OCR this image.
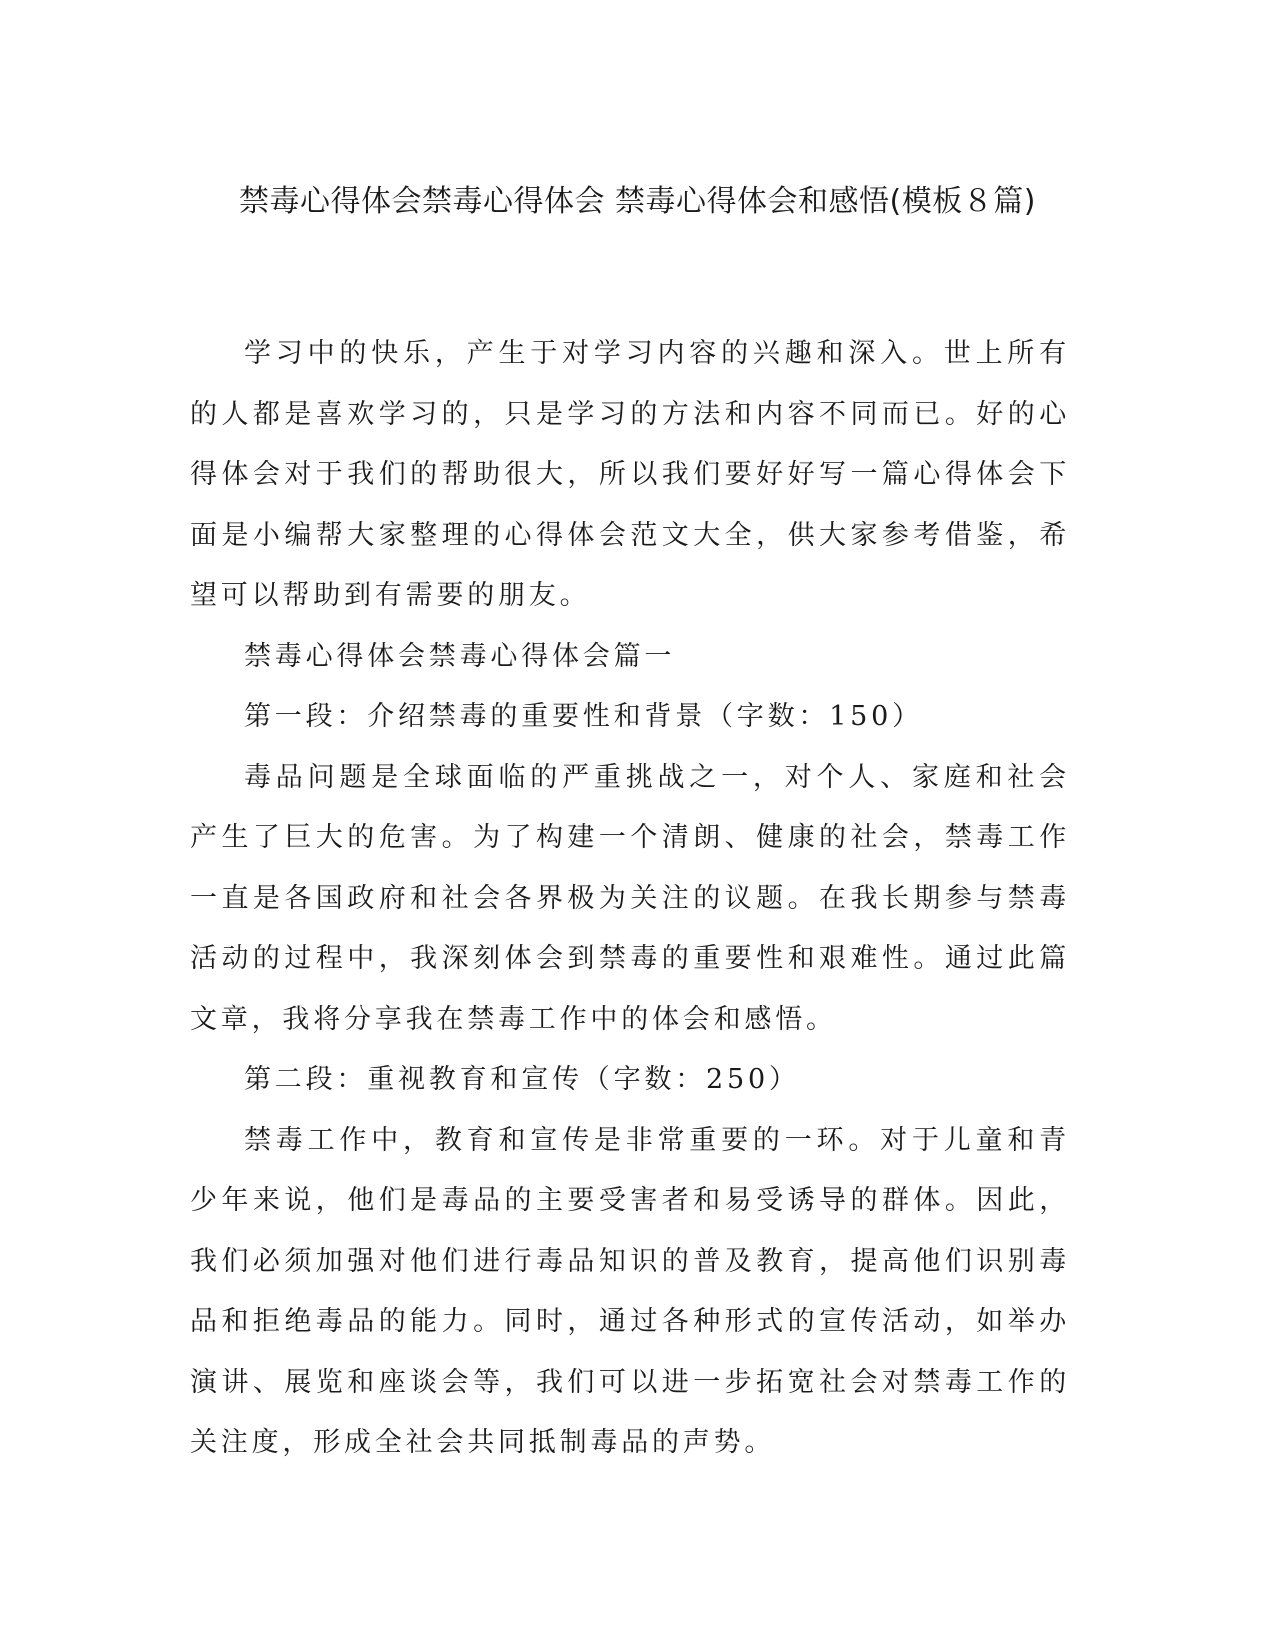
禁毒心得体会禁毒心得体会 禁毒心得体会和感悟(模板８篇)

学习中的快乐，产生于对学习内容的兴趣和深入。世上所有的人都是喜欢学习的，只是学习的方法和内容不同而已。好的心得体会对于我们的帮助很大，所以我们要好好写一篇心得体会下面是小编帮大家整理的心得体会范文大全，供大家参考借鉴，希望可以帮助到有需要的朋友。

禁毒心得体会禁毒心得体会篇一

第一段：介绍禁毒的重要性和背景（字数：150）

毒品问题是全球面临的严重挑战之一，对个人、家庭和社会产生了巨大的危害。为了构建一个清朗、健康的社会，禁毒工作一直是各国政府和社会各界极为关注的议题。在我长期参与禁毒活动的过程中，我深刻体会到禁毒的重要性和艰难性。通过此篇文章，我将分享我在禁毒工作中的体会和感悟。

第二段：重视教育和宣传（字数：250）

禁毒工作中，教育和宣传是非常重要的一环。对于儿童和青少年来说，他们是毒品的主要受害者和易受诱导的群体。因此，我们必须加强对他们进行毒品知识的普及教育，提高他们识别毒品和拒绝毒品的能力。同时，通过各种形式的宣传活动，如举办演讲、展览和座谈会等，我们可以进一步拓宽社会对禁毒工作的关注度，形成全社会共同抵制毒品的声势。
